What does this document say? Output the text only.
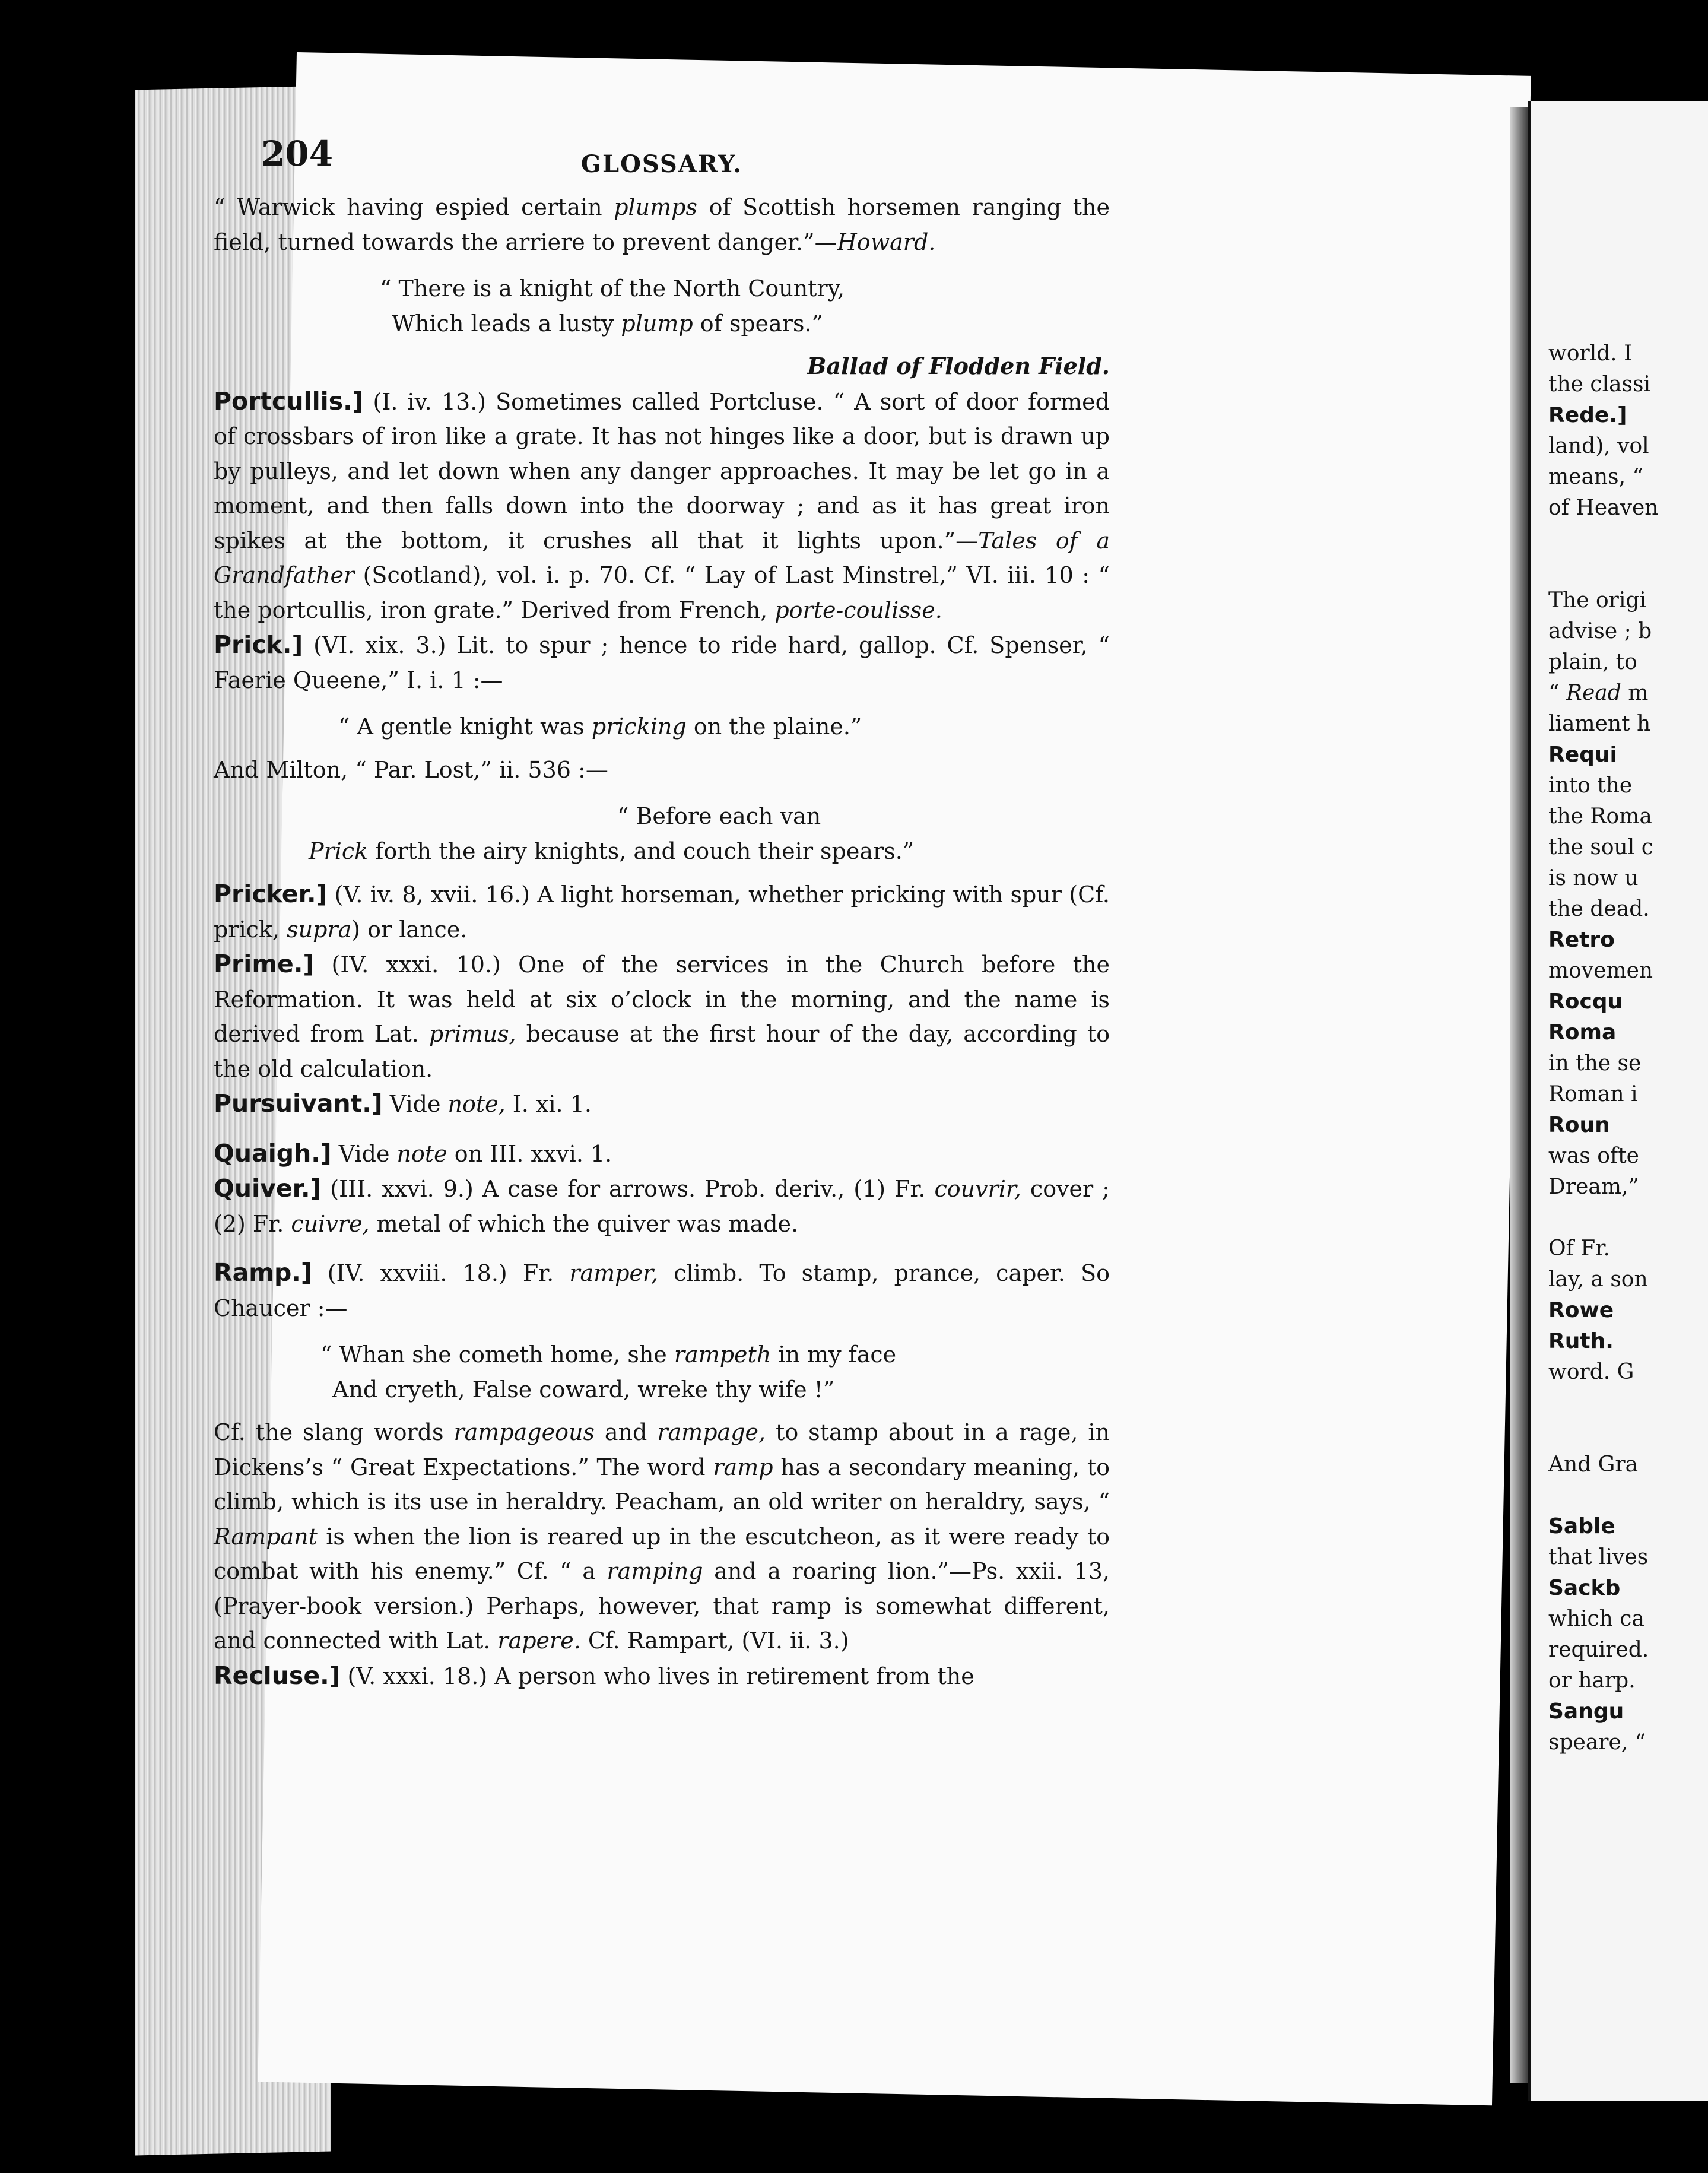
world. I
the classi
Rede.]
land), vol
means, “
of Heaven
The origi
advise ; b
plain, to
“ Read m
liament h
Requi
into the
the Roma
the soul c
is now u
the dead.
Retro
movemen
Rocqu
Roma
in the se
Roman i
Roun
was ofte
Dream,”
Of Fr.
lay, a son
Rowe
Ruth.
word. G
And Gra
Sable
that lives
Sackb
which ca
required.
or harp.
Sangu
speare, “
204	GLOSSARY.

“ Warwick having espied certain plumps of Scottish horsemen ranging the field, turned towards the arriere to prevent danger.”—Howard.

“ There is a knight of the North Country,
Which leads a lusty plump of spears.”

Ballad of Flodden Field.

Portcullis.] (I. iv. 13.) Sometimes called Portcluse. “ A sort of door formed of crossbars of iron like a grate. It has not hinges like a door, but is drawn up by pulleys, and let down when any danger approaches. It may be let go in a moment, and then falls down into the doorway ; and as it has great iron spikes at the bottom, it crushes all that it lights upon.”—Tales of a Grandfather (Scotland), vol. i. p. 70. Cf. “ Lay of Last Minstrel,” VI. iii. 10 : “ the portcullis, iron grate.” Derived from French, porte-coulisse.

Prick.] (VI. xix. 3.) Lit. to spur ; hence to ride hard, gallop. Cf. Spenser, “ Faerie Queene,” I. i. 1 :—

“ A gentle knight was pricking on the plaine.”

And Milton, “ Par. Lost,” ii. 536 :—

“ Before each van
Prick forth the airy knights, and couch their spears.”

Pricker.] (V. iv. 8, xvii. 16.) A light horseman, whether pricking with spur (Cf. prick, supra) or lance.

Prime.] (IV. xxxi. 10.) One of the services in the Church before the Reformation. It was held at six o’clock in the morning, and the name is derived from Lat. primus, because at the first hour of the day, according to the old calculation.

Pursuivant.] Vide note, I. xi. 1.

Quaigh.] Vide note on III. xxvi. 1.

Quiver.] (III. xxvi. 9.) A case for arrows. Prob. deriv., (1) Fr. couvrir, cover ; (2) Fr. cuivre, metal of which the quiver was made.

Ramp.] (IV. xxviii. 18.) Fr. ramper, climb. To stamp, prance, caper. So Chaucer :—

“ Whan she cometh home, she rampeth in my face
And cryeth, False coward, wreke thy wife !”

Cf. the slang words rampageous and rampage, to stamp about in a rage, in Dickens’s “ Great Expectations.” The word ramp has a secondary meaning, to climb, which is its use in heraldry. Peacham, an old writer on heraldry, says, “ Rampant is when the lion is reared up in the escutcheon, as it were ready to combat with his enemy.” Cf. “ a ramping and a roaring lion.”—Ps. xxii. 13, (Prayer-book version.) Perhaps, however, that ramp is somewhat different, and connected with Lat. rapere. Cf. Rampart, (VI. ii. 3.)

Recluse.] (V. xxxi. 18.) A person who lives in retirement from the
